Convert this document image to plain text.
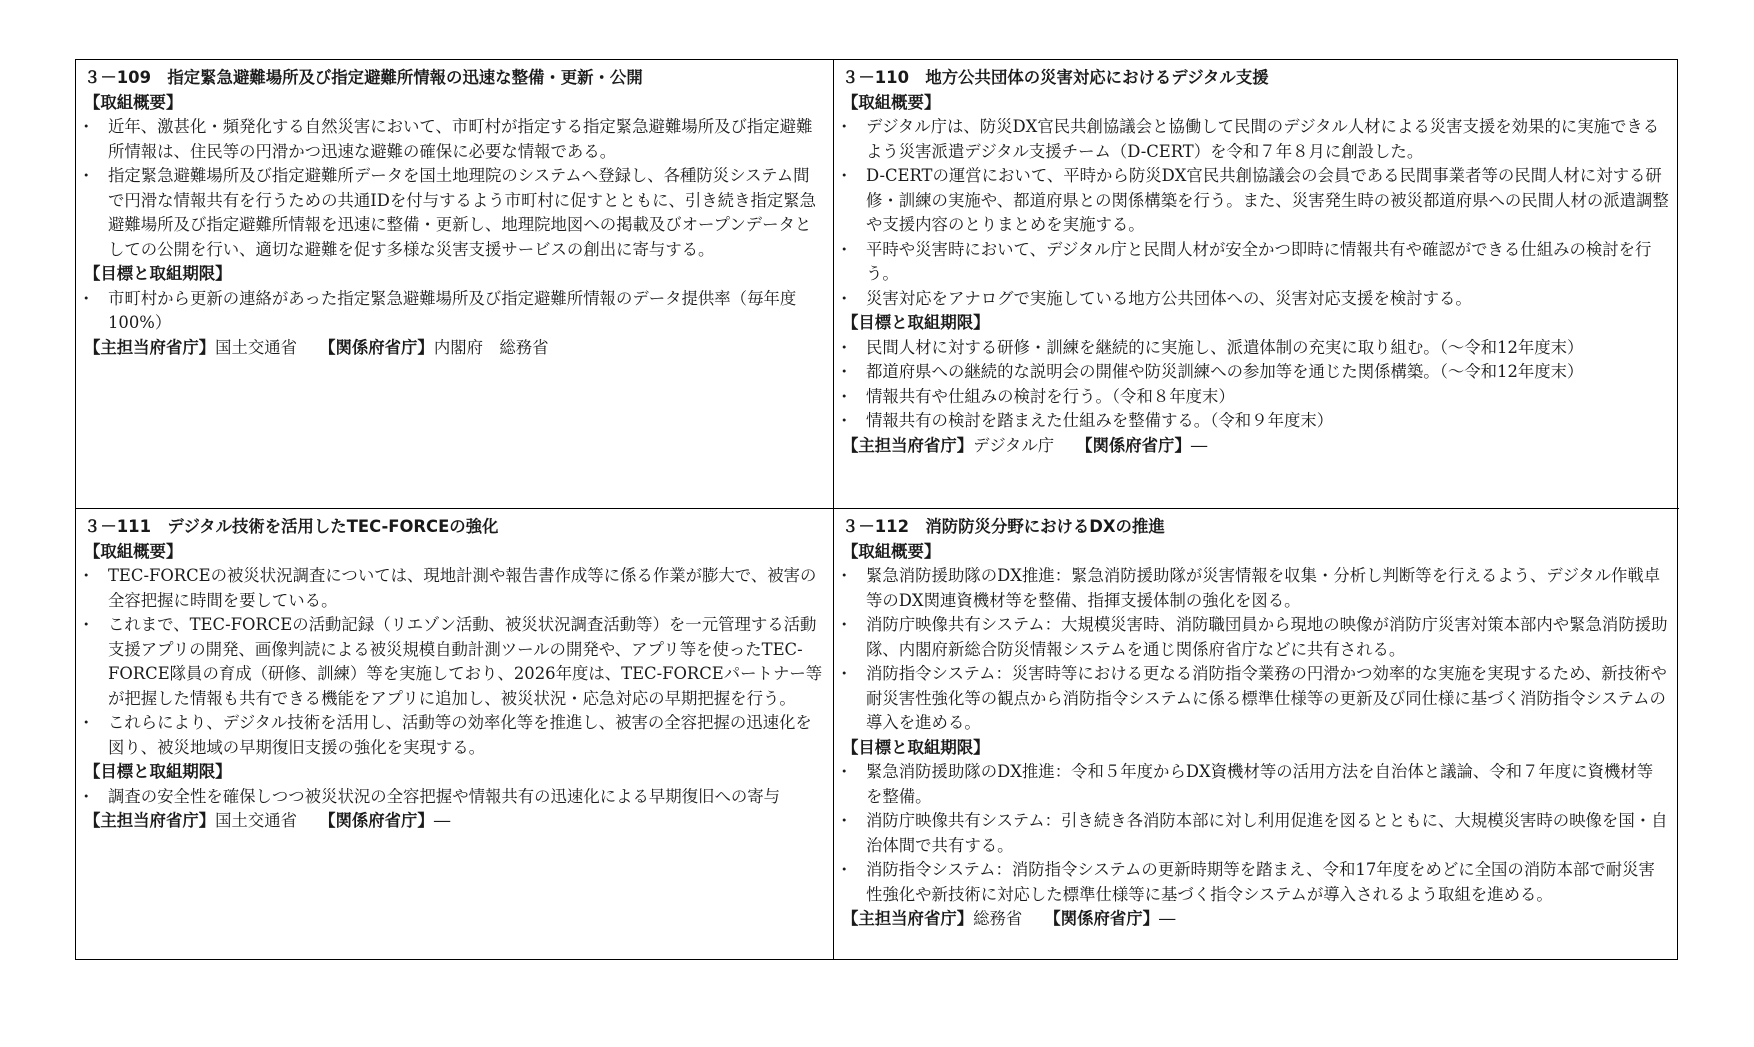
３－109　指定緊急避難場所及び指定避難所情報の迅速な整備・更新・公開
【取組概要】
・ 近年、激甚化・頻発化する自然災害において、市町村が指定する指定緊急避難場所及び指定避難所情報は、住民等の円滑かつ迅速な避難の確保に必要な情報である。
・ 指定緊急避難場所及び指定避難所データを国土地理院のシステムへ登録し、各種防災システム間で円滑な情報共有を行うための共通IDを付与するよう市町村に促すとともに、引き続き指定緊急避難場所及び指定避難所情報を迅速に整備・更新し、地理院地図への掲載及びオープンデータとしての公開を行い、適切な避難を促す多様な災害支援サービスの創出に寄与する。
【目標と取組期限】
・ 市町村から更新の連絡があった指定緊急避難場所及び指定避難所情報のデータ提供率（毎年度100%）
【主担当府省庁】国土交通省 【関係府省庁】内閣府　総務省
３－110　地方公共団体の災害対応におけるデジタル支援
【取組概要】
・ デジタル庁は、防災DX官民共創協議会と協働して民間のデジタル人材による災害支援を効果的に実施できるよう災害派遣デジタル支援チーム（D-CERT）を令和７年８月に創設した。
・ D-CERTの運営において、平時から防災DX官民共創協議会の会員である民間事業者等の民間人材に対する研修・訓練の実施や、都道府県との関係構築を行う。また、災害発生時の被災都道府県への民間人材の派遣調整や支援内容のとりまとめを実施する。
・ 平時や災害時において、デジタル庁と民間人材が安全かつ即時に情報共有や確認ができる仕組みの検討を行う。
・ 災害対応をアナログで実施している地方公共団体への、災害対応支援を検討する。
【目標と取組期限】
・ 民間人材に対する研修・訓練を継続的に実施し、派遣体制の充実に取り組む。（～令和12年度末）
・ 都道府県への継続的な説明会の開催や防災訓練への参加等を通じた関係構築。（～令和12年度末）
・ 情報共有や仕組みの検討を行う。（令和８年度末）
・ 情報共有の検討を踏まえた仕組みを整備する。（令和９年度末）
【主担当府省庁】デジタル庁 【関係府省庁】―
３－111　デジタル技術を活用したTEC-FORCEの強化
【取組概要】
・ TEC-FORCEの被災状況調査については、現地計測や報告書作成等に係る作業が膨大で、被害の全容把握に時間を要している。
・ これまで、TEC-FORCEの活動記録（リエゾン活動、被災状況調査活動等）を一元管理する活動支援アプリの開発、画像判読による被災規模自動計測ツールの開発や、アプリ等を使ったTEC-FORCE隊員の育成（研修、訓練）等を実施しており、2026年度は、TEC-FORCEパートナー等が把握した情報も共有できる機能をアプリに追加し、被災状況・応急対応の早期把握を行う。
・ これらにより、デジタル技術を活用し、活動等の効率化等を推進し、被害の全容把握の迅速化を図り、被災地域の早期復旧支援の強化を実現する。
【目標と取組期限】
・ 調査の安全性を確保しつつ被災状況の全容把握や情報共有の迅速化による早期復旧への寄与
【主担当府省庁】国土交通省 【関係府省庁】―
３－112　消防防災分野におけるDXの推進
【取組概要】
・ 緊急消防援助隊のDX推進：緊急消防援助隊が災害情報を収集・分析し判断等を行えるよう、デジタル作戦卓等のDX関連資機材等を整備、指揮支援体制の強化を図る。
・ 消防庁映像共有システム：大規模災害時、消防職団員から現地の映像が消防庁災害対策本部内や緊急消防援助隊、内閣府新総合防災情報システムを通じ関係府省庁などに共有される。
・ 消防指令システム：災害時等における更なる消防指令業務の円滑かつ効率的な実施を実現するため、新技術や耐災害性強化等の観点から消防指令システムに係る標準仕様等の更新及び同仕様に基づく消防指令システムの導入を進める。
【目標と取組期限】
・ 緊急消防援助隊のDX推進：令和５年度からDX資機材等の活用方法を自治体と議論、令和７年度に資機材等を整備。
・ 消防庁映像共有システム：引き続き各消防本部に対し利用促進を図るとともに、大規模災害時の映像を国・自治体間で共有する。
・ 消防指令システム：消防指令システムの更新時期等を踏まえ、令和17年度をめどに全国の消防本部で耐災害性強化や新技術に対応した標準仕様等に基づく指令システムが導入されるよう取組を進める。
【主担当府省庁】総務省 【関係府省庁】―
